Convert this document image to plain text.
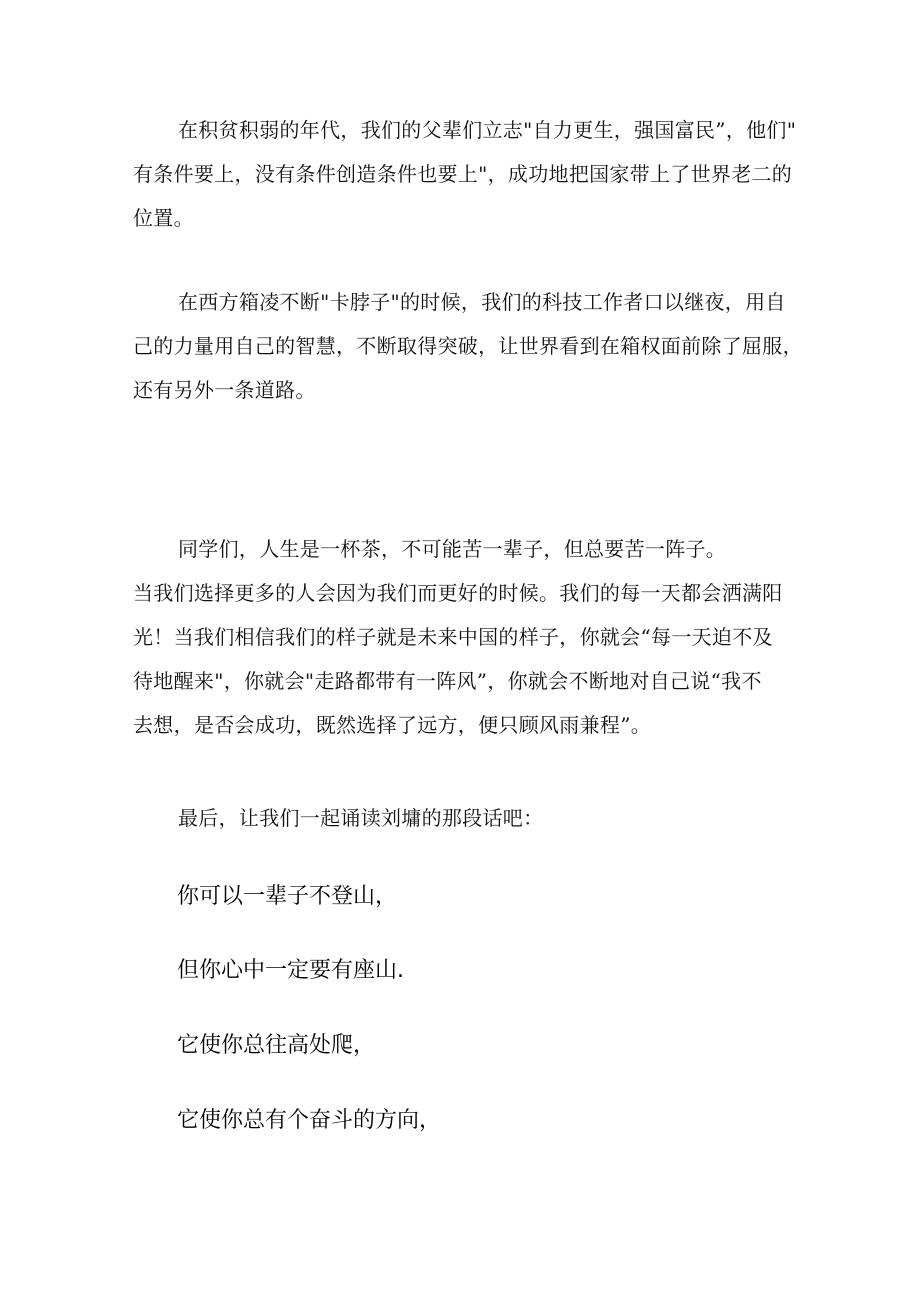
在积贫积弱的年代，我们的父辈们立志"自力更生，强国富民”，他们"
有条件要上，没有条件创造条件也要上"，成功地把国家带上了世界老二的
位置。
在西方箱凌不断"卡脖子"的时候，我们的科技工作者口以继夜，用自
己的力量用自己的智慧，不断取得突破，让世界看到在箱权面前除了屈服，
还有另外一条道路。
同学们，人生是一杯茶，不可能苦一辈子，但总要苦一阵子。
当我们选择更多的人会因为我们而更好的时候。我们的每一天都会洒满阳
光！当我们相信我们的样子就是未来中国的样子，你就会“每一天迫不及
待地醒来"，你就会"走路都带有一阵风”，你就会不断地对自己说“我不
去想，是否会成功，既然选择了远方，便只顾风雨兼程”。
最后，让我们一起诵读刘墉的那段话吧：

你可以一辈子不登山，

但你心中一定要有座山.

它使你总往高处爬，

它使你总有个奋斗的方向，
